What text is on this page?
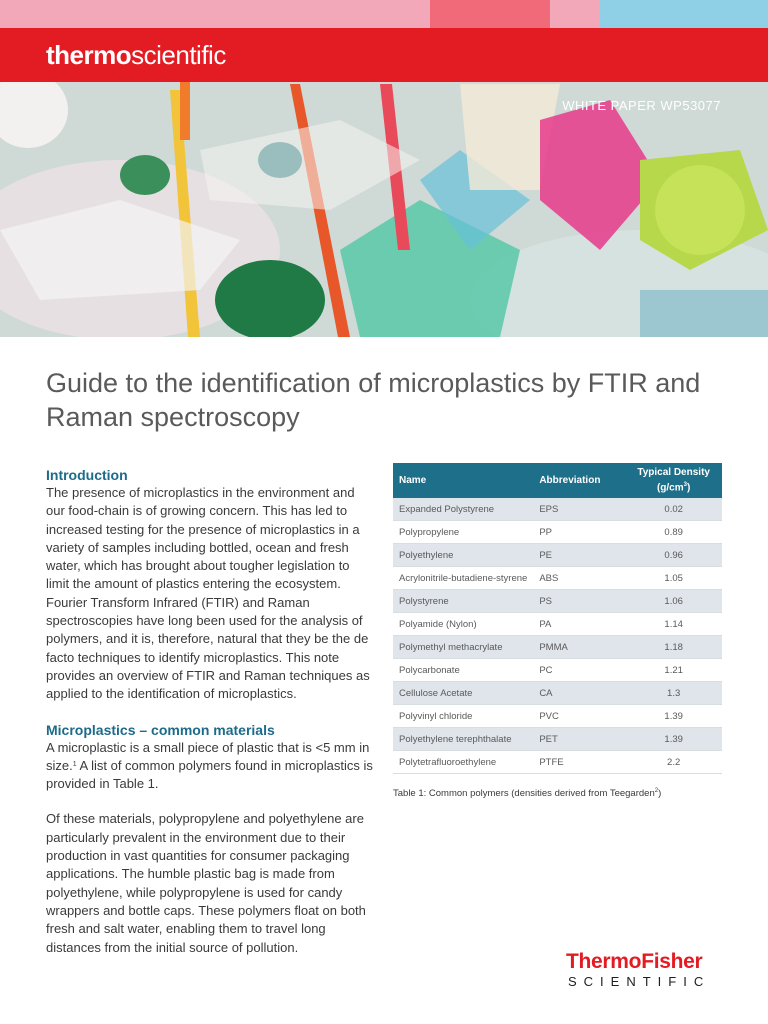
thermoscientific
WHITE PAPER WP53077
Guide to the identification of microplastics by FTIR and Raman spectroscopy
Introduction

The presence of microplastics in the environment and our food-chain is of growing concern. This has led to increased testing for the presence of microplastics in a variety of samples including bottled, ocean and fresh water, which has brought about tougher legislation to limit the amount of plastics entering the ecosystem. Fourier Transform Infrared (FTIR) and Raman spectroscopies have long been used for the analysis of polymers, and it is, therefore, natural that they be the de facto techniques to identify microplastics. This note provides an overview of FTIR and Raman techniques as applied to the identification of microplastics.

Microplastics – common materials

A microplastic is a small piece of plastic that is <5 mm in size.$^1$ A list of common polymers found in microplastics is provided in Table 1.

Of these materials, polypropylene and polyethylene are particularly prevalent in the environment due to their production in vast quantities for consumer packaging applications. The humble plastic bag is made from polyethylene, while polypropylene is used for candy wrappers and bottle caps. These polymers float on both fresh and salt water, enabling them to travel long distances from the initial source of pollution.

Name	Abbreviation	Typical Density
$(g/cm^3)$
Expanded Polystyrene	EPS	0.02
Polypropylene	PP	0.89
Polyethylene	PE	0.96
Acrylonitrile-butadiene-styrene	ABS	1.05
Polystyrene	PS	1.06
Polyamide (Nylon)	PA	1.14
Polymethyl methacrylate	PMMA	1.18
Polycarbonate	PC	1.21
Cellulose Acetate	CA	1.3
Polyvinyl chloride	PVC	1.39
Polyethylene terephthalate	PET	1.39
Polytetrafluoroethylene	PTFE	2.2
Table 1: Common polymers (densities derived from Teegarden$^2$)
ThermoFisher
SCIENTIFIC
